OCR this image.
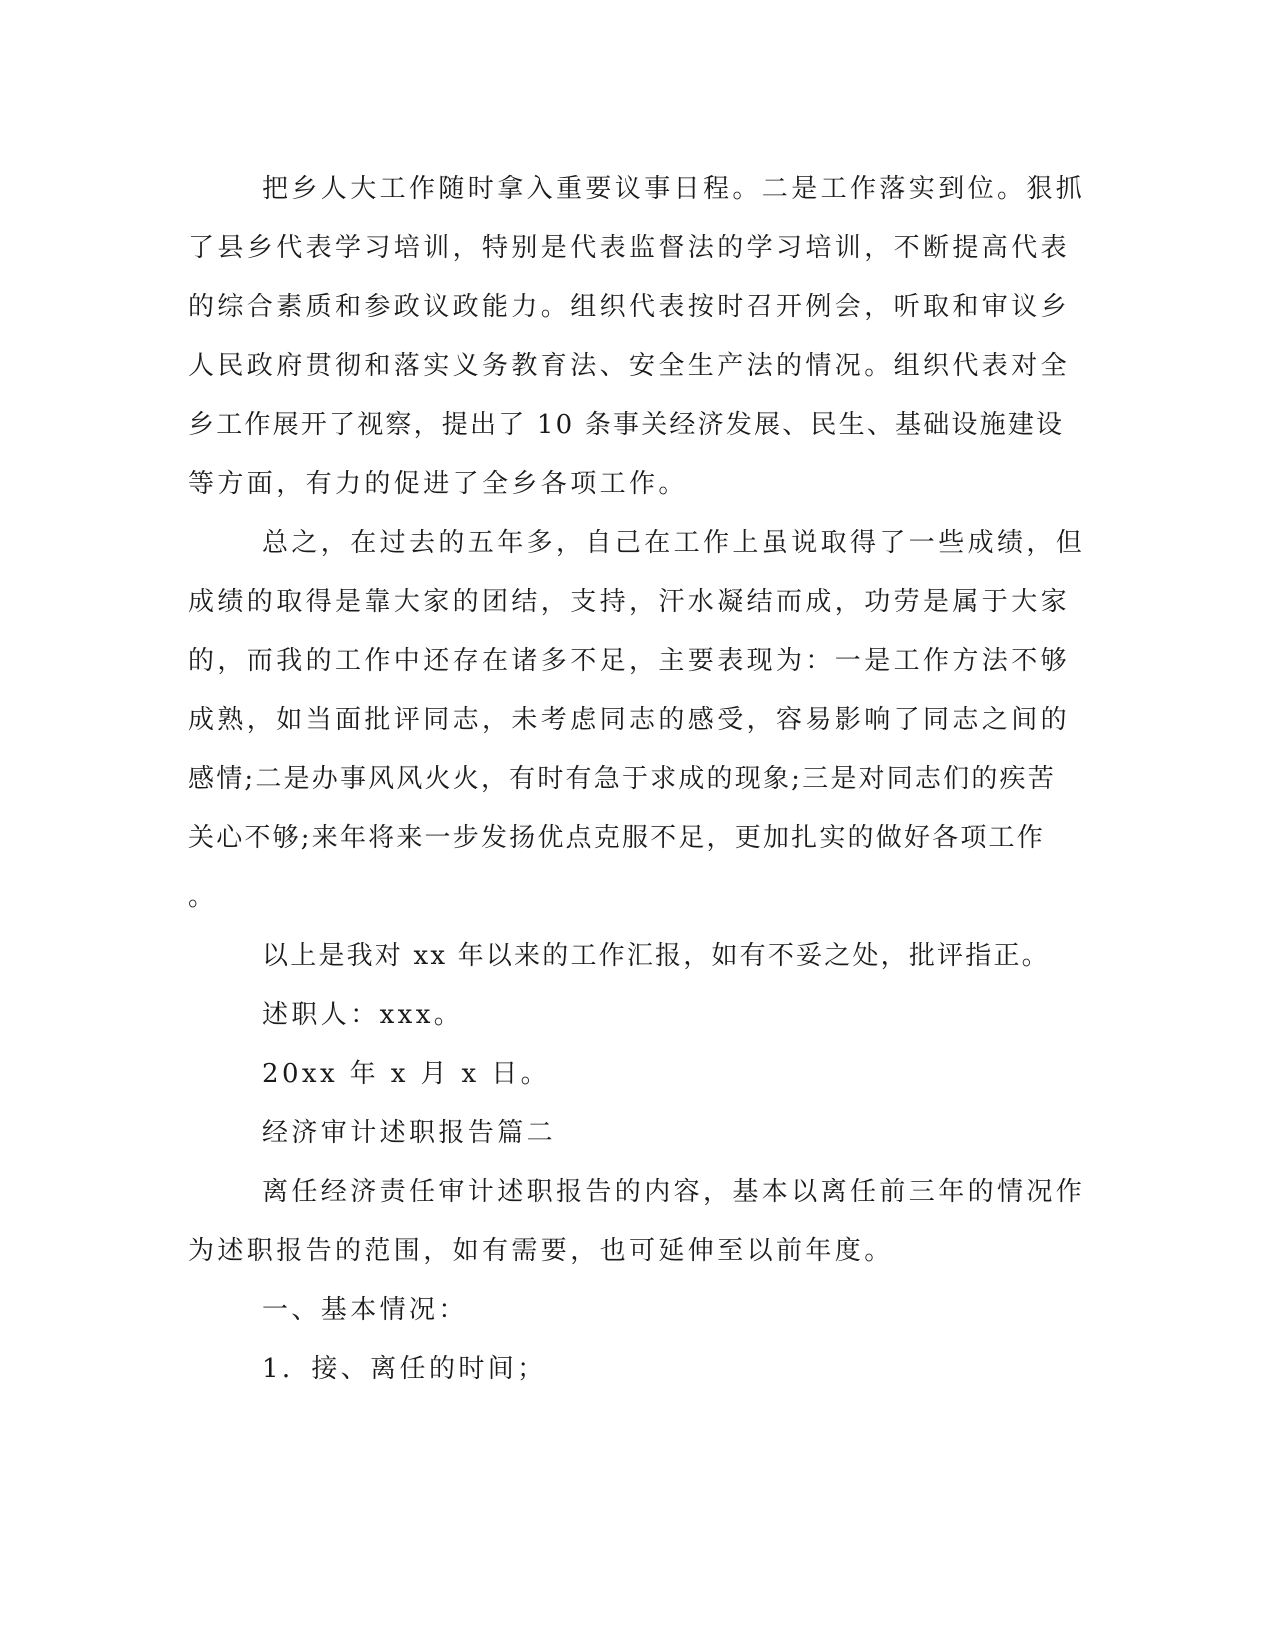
把乡人大工作随时拿入重要议事日程。二是工作落实到位。狠抓
了县乡代表学习培训，特别是代表监督法的学习培训，不断提高代表
的综合素质和参政议政能力。组织代表按时召开例会，听取和审议乡
人民政府贯彻和落实义务教育法、安全生产法的情况。组织代表对全
乡工作展开了视察，提出了 10 条事关经济发展、民生、基础设施建设
等方面，有力的促进了全乡各项工作。
总之，在过去的五年多，自己在工作上虽说取得了一些成绩，但
成绩的取得是靠大家的团结，支持，汗水凝结而成，功劳是属于大家
的，而我的工作中还存在诸多不足，主要表现为：一是工作方法不够
成熟，如当面批评同志，未考虑同志的感受，容易影响了同志之间的
感情;二是办事风风火火，有时有急于求成的现象;三是对同志们的疾苦
关心不够;来年将来一步发扬优点克服不足，更加扎实的做好各项工作
。
以上是我对 xx 年以来的工作汇报，如有不妥之处，批评指正。
述职人：xxx。
20xx 年 x 月 x 日。
经济审计述职报告篇二
离任经济责任审计述职报告的内容，基本以离任前三年的情况作
为述职报告的范围，如有需要，也可延伸至以前年度。
一、基本情况：
1．接、离任的时间；
